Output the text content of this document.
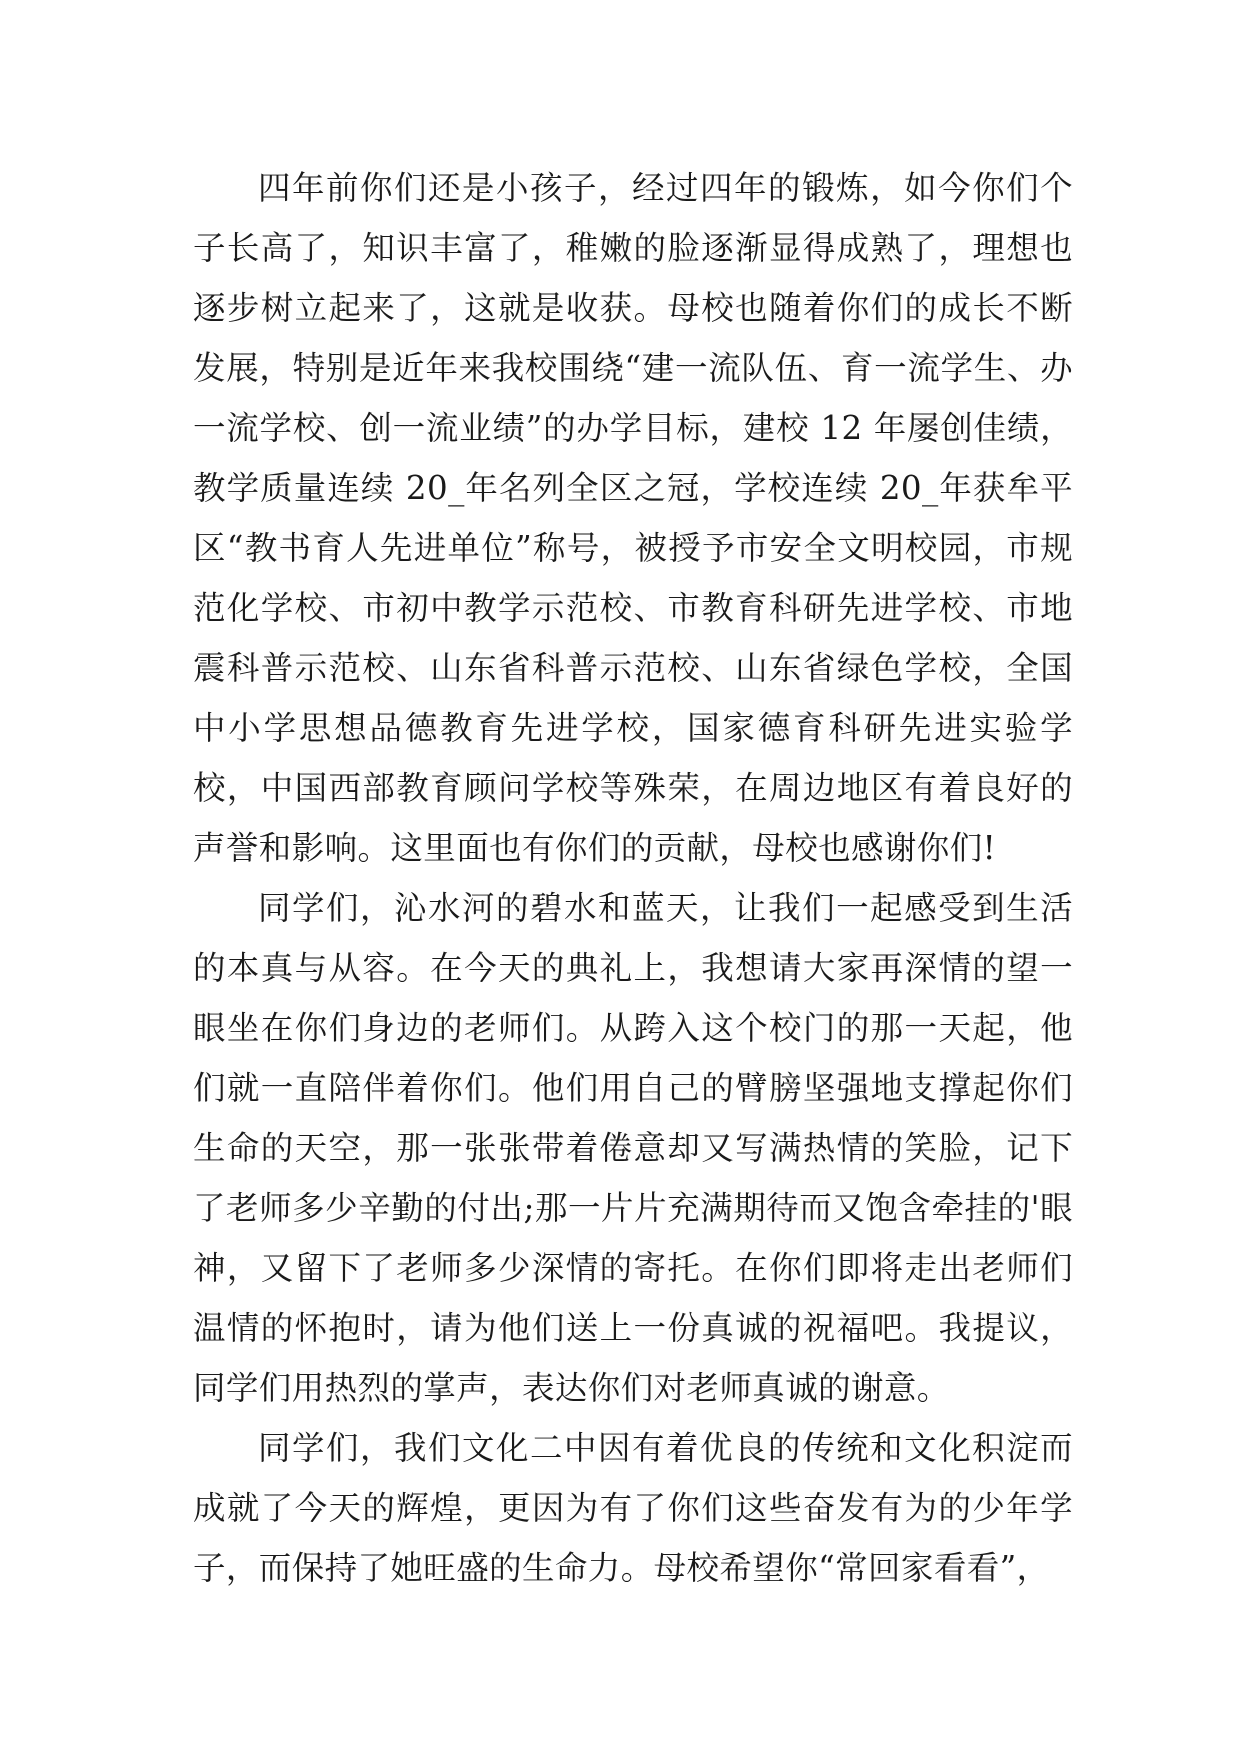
四年前你们还是小孩子，经过四年的锻炼，如今你们个子长高了，知识丰富了，稚嫩的脸逐渐显得成熟了，理想也逐步树立起来了，这就是收获。母校也随着你们的成长不断发展，特别是近年来我校围绕“建一流队伍、育一流学生、办一流学校、创一流业绩”的办学目标，建校 12 年屡创佳绩，教学质量连续 20_年名列全区之冠，学校连续 20_年获牟平区“教书育人先进单位”称号，被授予市安全文明校园，市规范化学校、市初中教学示范校、市教育科研先进学校、市地震科普示范校、山东省科普示范校、山东省绿色学校，全国中小学思想品德教育先进学校，国家德育科研先进实验学校，中国西部教育顾问学校等殊荣，在周边地区有着良好的声誉和影响。这里面也有你们的贡献，母校也感谢你们!

同学们，沁水河的碧水和蓝天，让我们一起感受到生活的本真与从容。在今天的典礼上，我想请大家再深情的望一眼坐在你们身边的老师们。从跨入这个校门的那一天起，他们就一直陪伴着你们。他们用自己的臂膀坚强地支撑起你们生命的天空，那一张张带着倦意却又写满热情的笑脸，记下了老师多少辛勤的付出;那一片片充满期待而又饱含牵挂的'眼神，又留下了老师多少深情的寄托。在你们即将走出老师们温情的怀抱时，请为他们送上一份真诚的祝福吧。我提议，同学们用热烈的掌声，表达你们对老师真诚的谢意。

同学们，我们文化二中因有着优良的传统和文化积淀而成就了今天的辉煌，更因为有了你们这些奋发有为的少年学子，而保持了她旺盛的生命力。母校希望你“常回家看看”，
